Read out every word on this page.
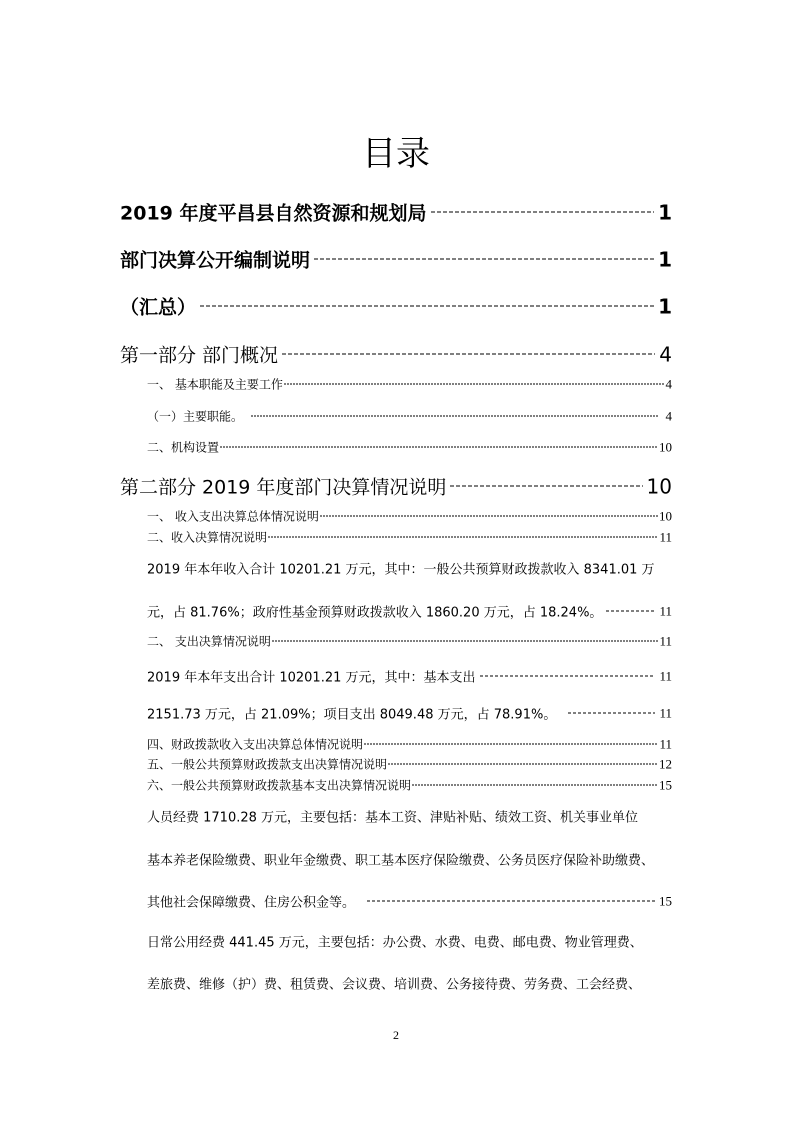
目录
2019 年度平昌县自然资源和规划局	1
部门决算公开编制说明	1
（汇总）	1
第一部分 部门概况	4
一、 基本职能及主要工作	4
（一）主要职能。	4
二、机构设置	10
第二部分 2019 年度部门决算情况说明	10
一、 收入支出决算总体情况说明	10
二、收入决算情况说明	11
2019 年本年收入合计 10201.21 万元，其中：一般公共预算财政拨款收入 8341.01 万
元，占 81.76%；政府性基金预算财政拨款收入 1860.20 万元，占 18.24%。	11
二、 支出决算情况说明	11
2019 年本年支出合计 10201.21 万元，其中：基本支出	11
2151.73 万元，占 21.09%；项目支出 8049.48 万元，占 78.91%。	11
四、财政拨款收入支出决算总体情况说明	11
五、一般公共预算财政拨款支出决算情况说明	12
六、一般公共预算财政拨款基本支出决算情况说明	15
人员经费 1710.28 万元，主要包括：基本工资、津贴补贴、绩效工资、机关事业单位
基本养老保险缴费、职业年金缴费、职工基本医疗保险缴费、公务员医疗保险补助缴费、
其他社会保障缴费、住房公积金等。	15
日常公用经费 441.45 万元，主要包括：办公费、水费、电费、邮电费、物业管理费、
差旅费、维修（护）费、租赁费、会议费、培训费、公务接待费、劳务费、工会经费、
2
